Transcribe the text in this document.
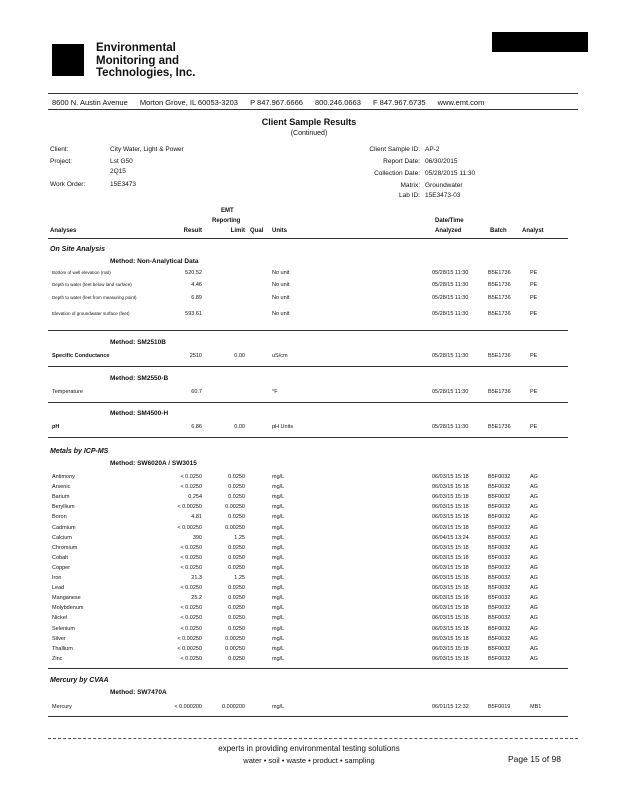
Environmental
Monitoring and
Technologies, Inc.
8600 N. Austin Avenue Morton Grove, IL 60053-3203 P 847.967.6666 800.246.0663 F 847.967.6735 www.emt.com
Client Sample Results
(Continued)
Client:	City Water, Light & Power
Project:	Lst G50
2Q15
Work Order:	15E3473
Client Sample ID: AP-2
Report Date: 06/30/2015
Collection Date: 05/28/2015 11:30
Matrix: Groundwater
Lab ID: 15E3473-03
EMT
Reporting	Date/Time
Analyses	Result	Limit Qual Units	Analyzed	Batch	Analyst
On Site Analysis
Method: Non-Analytical Data
Bottom of well elevation (msl)	520.52	No unit	05/28/15 11:30	B5E1736	PE
Depth to water (feet below land surface)	4.46	No unit	05/28/15 11:30	B5E1736	PE
Depth to water (feet from measuring point)	6.89	No unit	05/28/15 11:30	B5E1736	PE
Elevation of groundwater surface (feet)	593.61	No unit	05/28/15 11:30	B5E1736	PE
Method: SM2510B
Specific Conductance	2510	0.00	uS/cm	05/28/15 11:30	B5E1736	PE
Method: SM2550-B
Temperature	60.7	°F	05/28/15 11:30	B5E1736	PE
Method: SM4500-H
pH	6.86	0.00	pH Units	05/28/15 11:30	B5E1736	PE
Metals by ICP-MS
Method: SW6020A / SW3015
Antimony	< 0.0250	0.0250	mg/L	06/03/15 15:18	B5F0032	AG
Arsenic	< 0.0250	0.0250	mg/L	06/03/15 15:18	B5F0032	AG
Barium	0.254	0.0250	mg/L	06/03/15 15:18	B5F0032	AG
Beryllium	< 0.00250	0.00250	mg/L	06/03/15 15:18	B5F0032	AG
Boron	4.81	0.0250	mg/L	06/03/15 15:18	B5F0032	AG
Cadmium	< 0.00250	0.00250	mg/L	06/03/15 15:18	B5F0032	AG
Calcium	390	1.25	mg/L	06/04/15 13:24	B5F0032	AG
Chromium	< 0.0250	0.0250	mg/L	06/03/15 15:18	B5F0032	AG
Cobalt	< 0.0250	0.0250	mg/L	06/03/15 15:18	B5F0032	AG
Copper	< 0.0250	0.0250	mg/L	06/03/15 15:18	B5F0032	AG
Iron	21.3	1.25	mg/L	06/03/15 15:18	B5F0032	AG
Lead	< 0.0250	0.0250	mg/L	06/03/15 15:18	B5F0032	AG
Manganese	25.2	0.0250	mg/L	06/03/15 15:18	B5F0032	AG
Molybdenum	< 0.0250	0.0250	mg/L	06/03/15 15:18	B5F0032	AG
Nickel	< 0.0250	0.0250	mg/L	06/03/15 15:18	B5F0032	AG
Selenium	< 0.0250	0.0250	mg/L	06/03/15 15:18	B5F0032	AG
Silver	< 0.00250	0.00250	mg/L	06/03/15 15:18	B5F0032	AG
Thallium	< 0.00250	0.00250	mg/L	06/03/15 15:18	B5F0032	AG
Zinc	< 0.0250	0.0250	mg/L	06/03/15 15:18	B5F0032	AG
Mercury by CVAA
Method: SW7470A
Mercury	< 0.000200	0.000200	mg/L	06/01/15 12:32	B5F0019	MB1
experts in providing environmental testing solutions
water • soil • waste • product • sampling	Page 15 of 98
